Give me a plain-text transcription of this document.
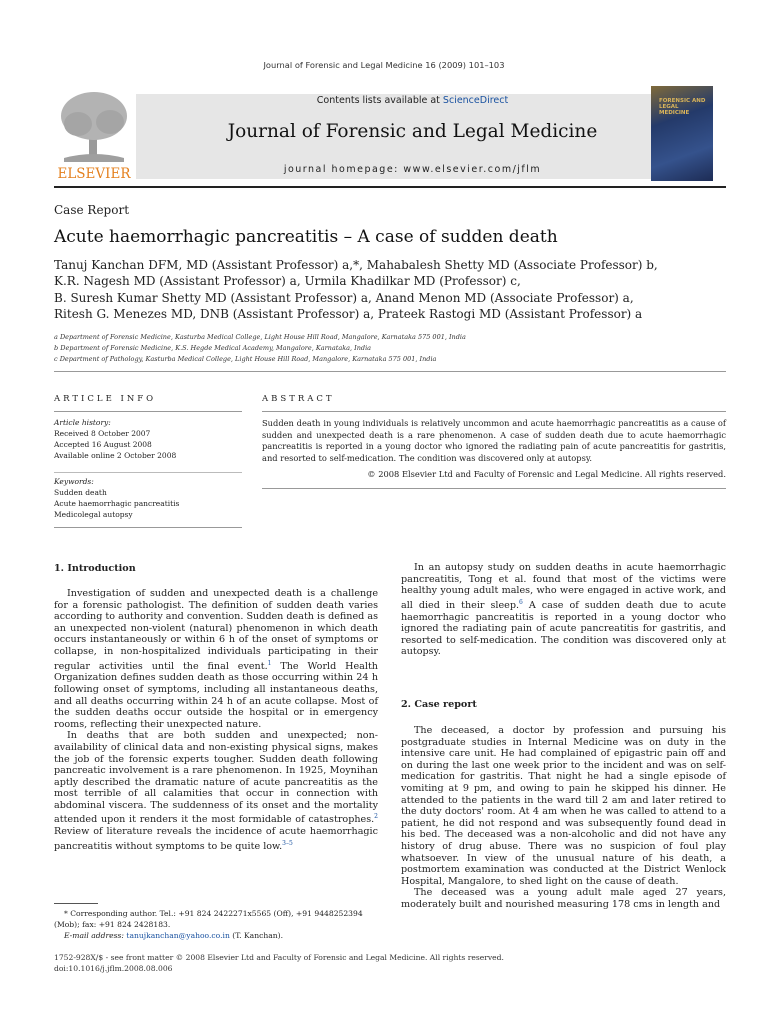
Journal of Forensic and Legal Medicine 16 (2009) 101–103
ELSEVIER
Contents lists available at ScienceDirect
Journal of Forensic and Legal Medicine
journal homepage: www.elsevier.com/jflm
FORENSIC AND LEGAL MEDICINE
Case Report
Acute haemorrhagic pancreatitis – A case of sudden death
Tanuj Kanchan DFM, MD (Assistant Professor) a,*, Mahabalesh Shetty MD (Associate Professor) b,
K.R. Nagesh MD (Assistant Professor) a, Urmila Khadilkar MD (Professor) c,
B. Suresh Kumar Shetty MD (Assistant Professor) a, Anand Menon MD (Associate Professor) a,
Ritesh G. Menezes MD, DNB (Assistant Professor) a, Prateek Rastogi MD (Assistant Professor) a
a Department of Forensic Medicine, Kasturba Medical College, Light House Hill Road, Mangalore, Karnataka 575 001, India
b Department of Forensic Medicine, K.S. Hegde Medical Academy, Mangalore, Karnataka, India
c Department of Pathology, Kasturba Medical College, Light House Hill Road, Mangalore, Karnataka 575 001, India
ARTICLE INFO
Article history:
Received 8 October 2007
Accepted 16 August 2008
Available online 2 October 2008
Keywords:
Sudden death
Acute haemorrhagic pancreatitis
Medicolegal autopsy
ABSTRACT
Sudden death in young individuals is relatively uncommon and acute haemorrhagic pancreatitis as a cause of sudden and unexpected death is a rare phenomenon. A case of sudden death due to acute haemorrhagic pancreatitis is reported in a young doctor who ignored the radiating pain of acute pancreatitis for gastritis, and resorted to self-medication. The condition was discovered only at autopsy.
© 2008 Elsevier Ltd and Faculty of Forensic and Legal Medicine. All rights reserved.
1. Introduction

Investigation of sudden and unexpected death is a challenge for a forensic pathologist. The definition of sudden death varies according to authority and convention. Sudden death is defined as an unexpected non-violent (natural) phenomenon in which death occurs instantaneously or within 6 h of the onset of symptoms or collapse, in non-hospitalized individuals participating in their regular activities until the final event.$^1$ The World Health Organization defines sudden death as those occurring within 24 h following onset of symptoms, including all instantaneous deaths, and all deaths occurring within 24 h of an acute collapse. Most of the sudden deaths occur outside the hospital or in emergency rooms, reflecting their unexpected nature.

In deaths that are both sudden and unexpected; non-availability of clinical data and non-existing physical signs, makes the job of the forensic experts tougher. Sudden death following pancreatic involvement is a rare phenomenon. In 1925, Moynihan aptly described the dramatic nature of acute pancreatitis as the most terrible of all calamities that occur in connection with abdominal viscera. The suddenness of its onset and the mortality attended upon it renders it the most formidable of catastrophes.$^2$ Review of literature reveals the incidence of acute haemorrhagic pancreatitis without symptoms to be quite low.$^{3-5}$

In an autopsy study on sudden deaths in acute haemorrhagic pancreatitis, Tong et al. found that most of the victims were healthy young adult males, who were engaged in active work, and all died in their sleep.$^6$ A case of sudden death due to acute haemorrhagic pancreatitis is reported in a young doctor who ignored the radiating pain of acute pancreatitis for gastritis, and resorted to self-medication. The condition was discovered only at autopsy.

2. Case report

The deceased, a doctor by profession and pursuing his postgraduate studies in Internal Medicine was on duty in the intensive care unit. He had complained of epigastric pain off and on during the last one week prior to the incident and was on self-medication for gastritis. That night he had a single episode of vomiting at 9 pm, and owing to pain he skipped his dinner. He attended to the patients in the ward till 2 am and later retired to the duty doctors' room. At 4 am when he was called to attend to a patient, he did not respond and was subsequently found dead in his bed. The deceased was a non-alcoholic and did not have any history of drug abuse. There was no suspicion of foul play whatsoever. In view of the unusual nature of his death, a postmortem examination was conducted at the District Wenlock Hospital, Mangalore, to shed light on the cause of death.

The deceased was a young adult male aged 27 years, moderately built and nourished measuring 178 cms in length and

* Corresponding author. Tel.: +91 824 2422271x5565 (Off), +91 9448252394 (Mob); fax: +91 824 2428183.

E-mail address: tanujkanchan@yahoo.co.in (T. Kanchan).

1752-928X/$ - see front matter © 2008 Elsevier Ltd and Faculty of Forensic and Legal Medicine. All rights reserved.
doi:10.1016/j.jflm.2008.08.006
